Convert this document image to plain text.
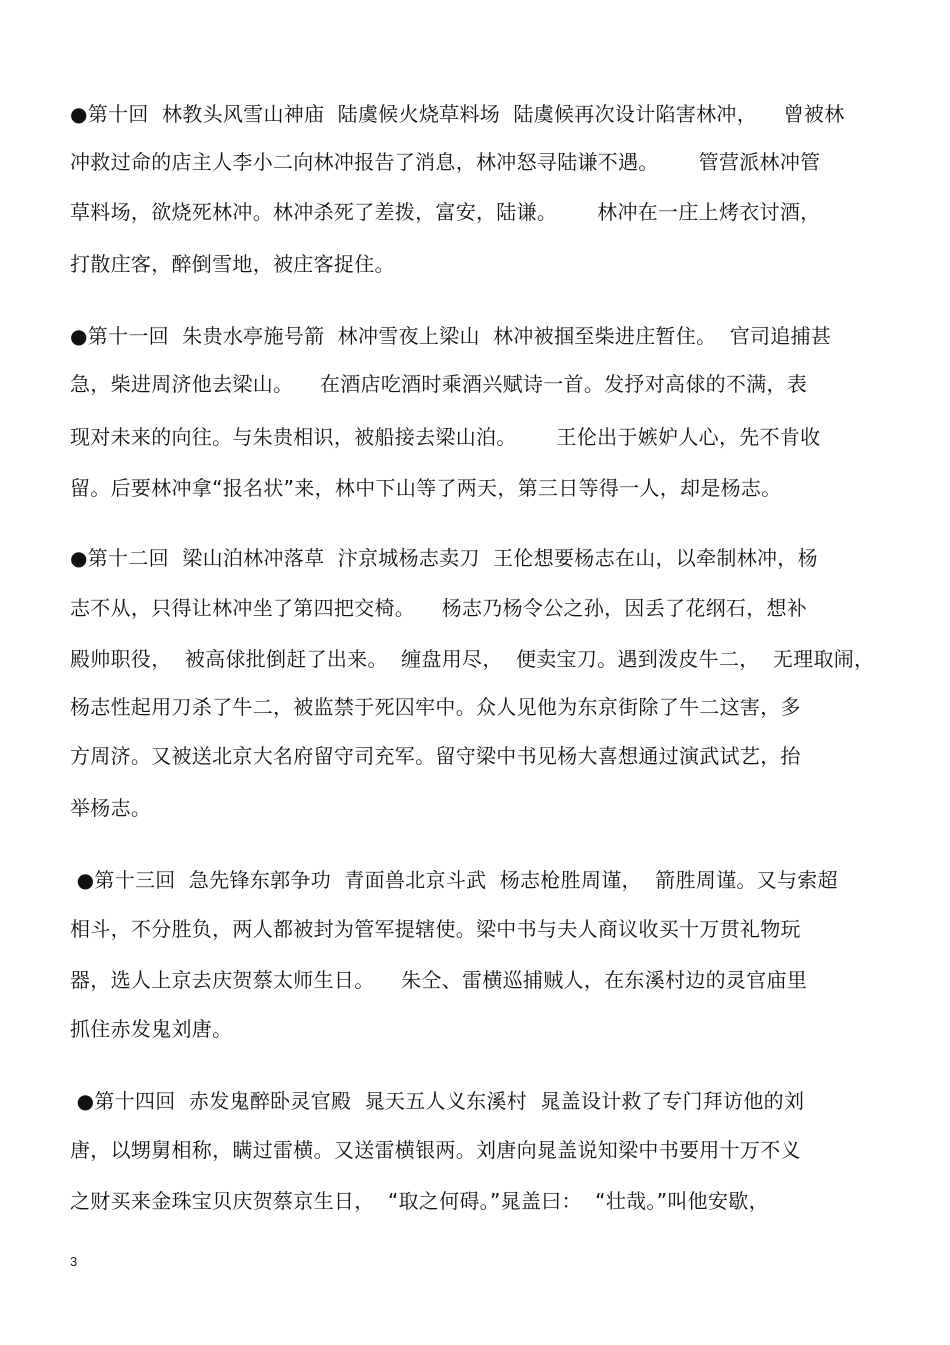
●第十回  林教头风雪山神庙  陆虞候火烧草料场  陆虞候再次设计陷害林冲，    曾被林
冲救过命的店主人李小二向林冲报告了消息，林冲怒寻陆谦不遇。      管营派林冲管
草料场，欲烧死林冲。林冲杀死了差拨，富安，陆谦。      林冲在一庄上烤衣讨酒，
打散庄客，醉倒雪地，被庄客捉住。
●第十一回  朱贵水亭施号箭  林冲雪夜上梁山  林冲被掴至柴进庄暂住。  官司追捕甚
急，柴进周济他去梁山。    在酒店吃酒时乘酒兴赋诗一首。发抒对高俅的不满，表
现对未来的向往。与朱贵相识，被船接去梁山泊。      王伦出于嫉妒人心，先不肯收
留。后要林冲拿“报名状”来，林中下山等了两天，第三日等得一人，却是杨志。
●第十二回  梁山泊林冲落草  汴京城杨志卖刀  王伦想要杨志在山，以牵制林冲，杨
志不从，只得让林冲坐了第四把交椅。    杨志乃杨令公之孙，因丢了花纲石，想补
殿帅职役，  被高俅批倒赶了出来。  缠盘用尽，  便卖宝刀。遇到泼皮牛二，  无理取闹，
杨志性起用刀杀了牛二，被监禁于死囚牢中。众人见他为东京街除了牛二这害，多
方周济。又被送北京大名府留守司充军。留守梁中书见杨大喜想通过演武试艺，抬
举杨志。
●第十三回  急先锋东郭争功  青面兽北京斗武  杨志枪胜周谨，  箭胜周谨。又与索超
相斗，不分胜负，两人都被封为管军提辖使。梁中书与夫人商议收买十万贯礼物玩
器，选人上京去庆贺蔡太师生日。    朱仝、雷横巡捕贼人，在东溪村边的灵官庙里
抓住赤发鬼刘唐。
●第十四回  赤发鬼醉卧灵官殿  晁天五人义东溪村  晁盖设计救了专门拜访他的刘
唐，以甥舅相称，瞒过雷横。又送雷横银两。刘唐向晁盖说知梁中书要用十万不义
之财买来金珠宝贝庆贺蔡京生日，  “取之何碍。”晁盖曰：  “壮哉。”叫他安歇，
3
